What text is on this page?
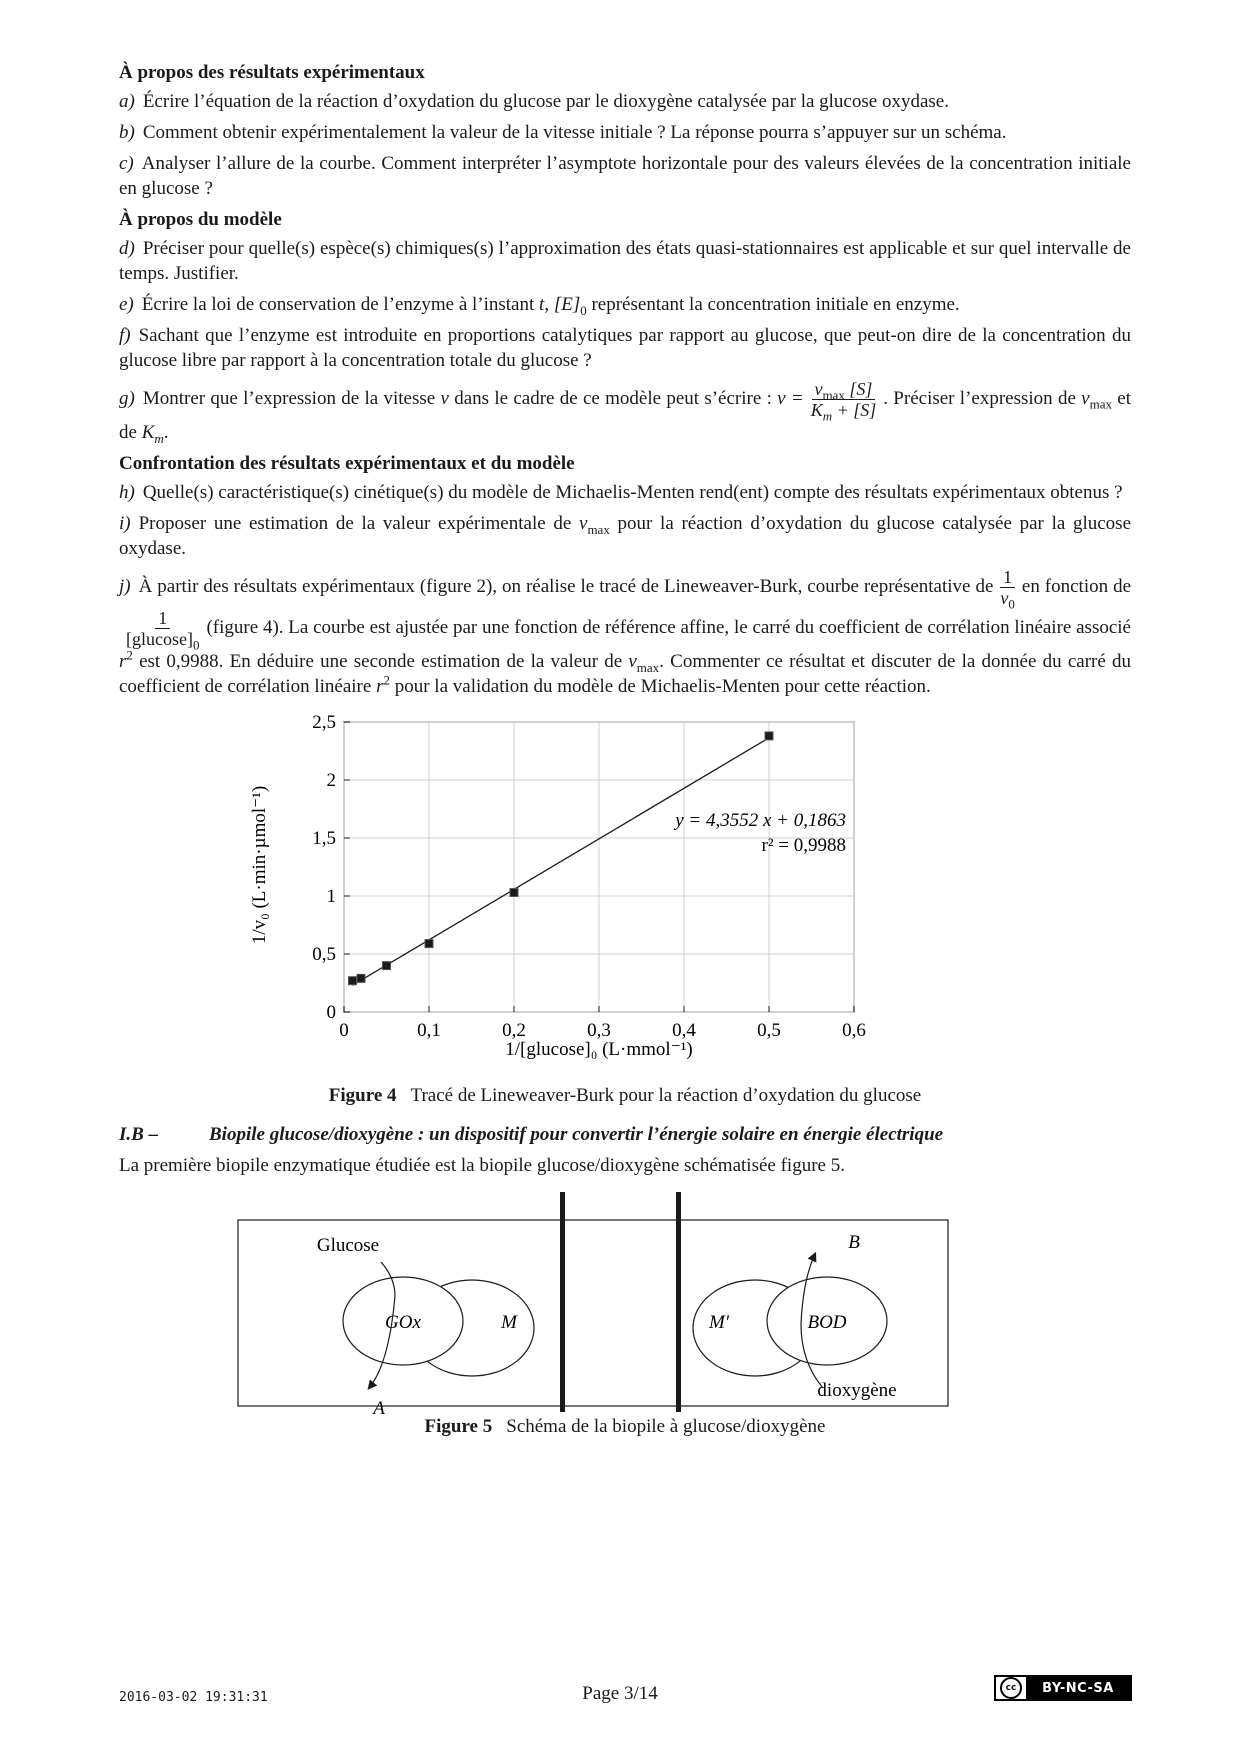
À propos des résultats expérimentaux

a) Écrire l’équation de la réaction d’oxydation du glucose par le dioxygène catalysée par la glucose oxydase.

b) Comment obtenir expérimentalement la valeur de la vitesse initiale ? La réponse pourra s’appuyer sur un schéma.

c) Analyser l’allure de la courbe. Comment interpréter l’asymptote horizontale pour des valeurs élevées de la concentration initiale en glucose ?

À propos du modèle

d) Préciser pour quelle(s) espèce(s) chimiques(s) l’approximation des états quasi-stationnaires est applicable et sur quel intervalle de temps. Justifier.

e) Écrire la loi de conservation de l’enzyme à l’instant t, $[E]_0$ représentant la concentration initiale en enzyme.

f) Sachant que l’enzyme est introduite en proportions catalytiques par rapport au glucose, que peut-on dire de la concentration du glucose libre par rapport à la concentration totale du glucose ?

g) Montrer que l’expression de la vitesse v dans le cadre de ce modèle peut s’écrire : $v = \frac{v_{max} [S]}{K_m + [S]}$ . Préciser l’expression de $v_{max}$ et de $K_m$.

Confrontation des résultats expérimentaux et du modèle

h) Quelle(s) caractéristique(s) cinétique(s) du modèle de Michaelis-Menten rend(ent) compte des résultats expérimentaux obtenus ?

i) Proposer une estimation de la valeur expérimentale de $v_{max}$ pour la réaction d’oxydation du glucose catalysée par la glucose oxydase.

j) À partir des résultats expérimentaux (figure 2), on réalise le tracé de Lineweaver-Burk, courbe représentative de $\frac{1}{v_0}$ en fonction de
$\frac{1}{[glucose]_0}$ (figure 4). La courbe est ajustée par une fonction de référence affine, le carré du coefficient de corrélation linéaire associé $r^2$ est 0,9988. En déduire une seconde estimation de la valeur de $v_{max}$. Commenter ce résultat et discuter de la donnée du carré du coefficient de corrélation linéaire $r^2$ pour la validation du modèle de Michaelis-Menten pour cette réaction.

0	0,1	0,2	0,3	0,4	0,5	0,6
0
0,5
1
1,5
2
2,5
y = 4,3552 x + 0,1863
r² = 0,9988
1/[glucose]₀ (L·mmol⁻¹)
1/v₀ (L·min·µmol⁻¹)
Figure 4 Tracé de Lineweaver-Burk pour la réaction d’oxydation du glucose
I.B –	Biopile glucose/dioxygène : un dispositif pour convertir l’énergie solaire en énergie électrique

La première biopile enzymatique étudiée est la biopile glucose/dioxygène schématisée figure 5.

GOx	M
Glucose
A
M′	BOD
B
dioxygène
Figure 5 Schéma de la biopile à glucose/dioxygène
2016-03-02 19:31:31	Page 3/14	cc	BY-NC-SA
